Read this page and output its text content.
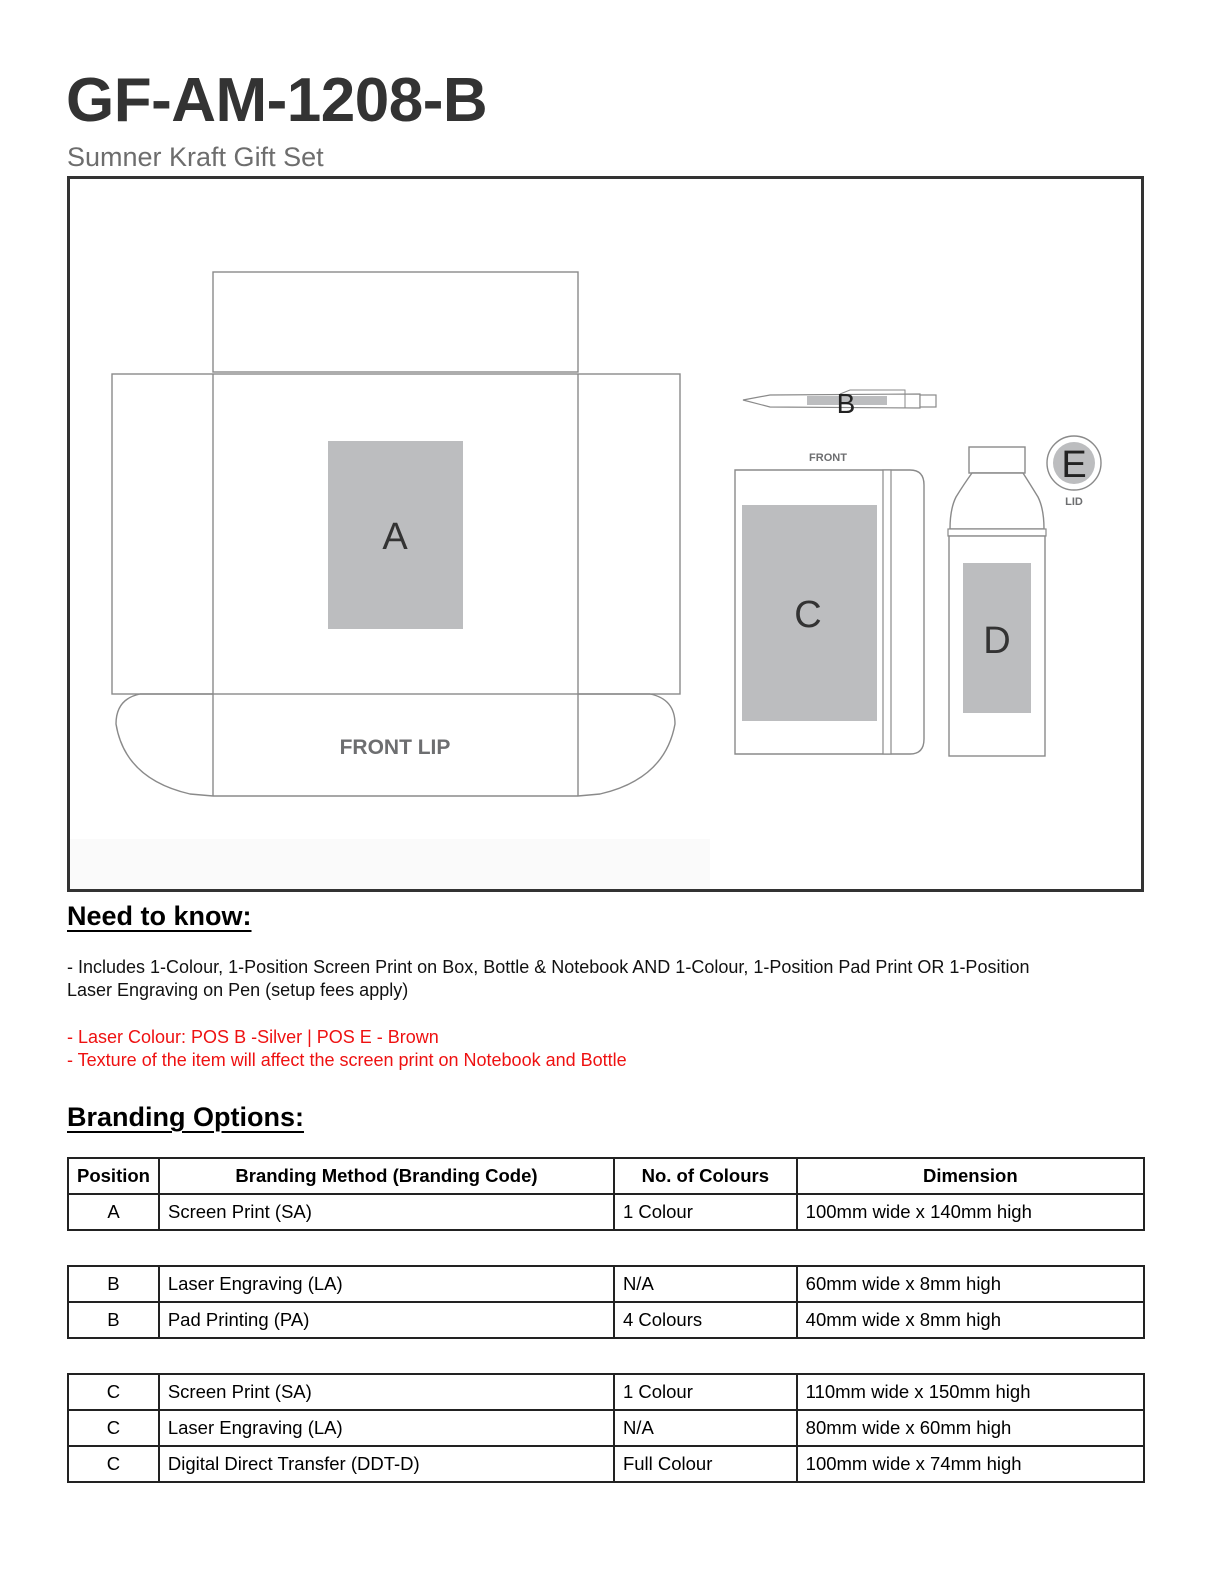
GF-AM-1208-B
Sumner Kraft Gift Set
A
FRONT LIP
B
FRONT
C
D
E
LID
Need to know:
- Includes 1-Colour, 1-Position Screen Print on Box, Bottle & Notebook AND 1-Colour, 1-Position Pad Print OR 1-Position
Laser Engraving on Pen (setup fees apply)
- Laser Colour: POS B -Silver | POS E - Brown
- Texture of the item will affect the screen print on Notebook and Bottle
Branding Options:
Position	Branding Method (Branding Code)	No. of Colours	Dimension
A	Screen Print (SA)	1 Colour	100mm wide x 140mm high
B	Laser Engraving (LA)	N/A	60mm wide x 8mm high
B	Pad Printing (PA)	4 Colours	40mm wide x 8mm high
C	Screen Print (SA)	1 Colour	110mm wide x 150mm high
C	Laser Engraving (LA)	N/A	80mm wide x 60mm high
C	Digital Direct Transfer (DDT-D)	Full Colour	100mm wide x 74mm high
